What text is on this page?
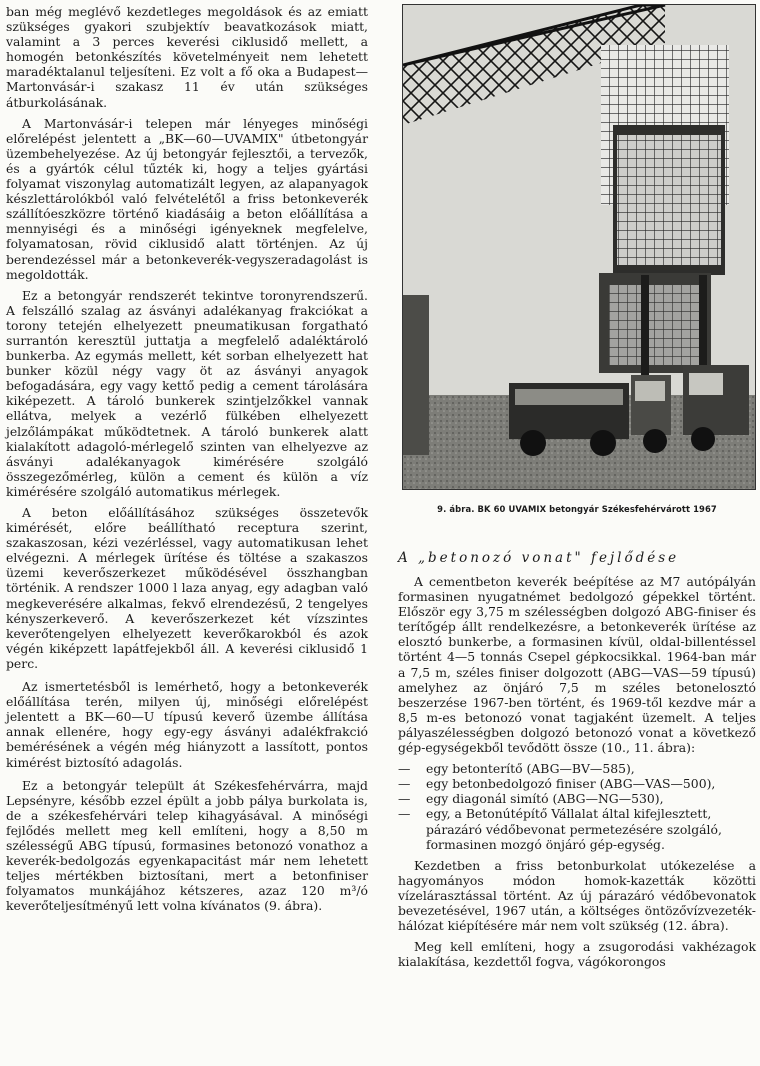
ban még meglévő kezdetleges megoldások és az emiatt szükséges gyakori szubjektív beavatkozások miatt, valamint a 3 perces keverési ciklusidő mellett, a homogén betonkészítés követelményeit nem lehetett maradéktalanul teljesíteni. Ez volt a fő oka a Budapest—Martonvásár-i szakasz 11 év után szükséges átburkolásának.

A Martonvásár-i telepen már lényeges minőségi előrelépést jelentett a „BK—60—UVAMIX" útbetongyár üzembehelyezése. Az új betongyár fejlesztői, a tervezők, és a gyártók célul tűzték ki, hogy a teljes gyártási folyamat viszonylag automatizált legyen, az alapanyagok készlettárolókból való felvételétől a friss betonkeverék szállítóeszközre történő kiadásáig a beton előállítása a mennyiségi és a minőségi igényeknek megfelelve, folyamatosan, rövid ciklusidő alatt történjen. Az új berendezéssel már a betonkeverék-vegyszeradagolást is megoldották.

Ez a betongyár rendszerét tekintve toronyrendszerű. A felszálló szalag az ásványi adalékanyag frakciókat a torony tetején elhelyezett pneumatikusan forgatható surrantón keresztül juttatja a megfelelő adaléktároló bunkerba. Az egymás mellett, két sorban elhelyezett hat bunker közül négy vagy öt az ásványi anyagok befogadására, egy vagy kettő pedig a cement tárolására kiképezett. A tároló bunkerek szintjelzőkkel vannak ellátva, melyek a vezérlő fülkében elhelyezett jelzőlámpákat működtetnek. A tároló bunkerek alatt kialakított adagoló-mérlegelő szinten van elhelyezve az ásványi adalékanyagok kimérésére szolgáló összegezőmérleg, külön a cement és külön a víz kimérésére szolgáló automatikus mérlegek.

A beton előállításához szükséges összetevők kimérését, előre beállítható receptura szerint, szakaszosan, kézi vezérléssel, vagy automatikusan lehet elvégezni. A mérlegek ürítése és töltése a szakaszos üzemi keverőszerkezet működésével összhangban történik. A rendszer 1000 l laza anyag, egy adagban való megkeverésére alkalmas, fekvő elrendezésű, 2 tengelyes kényszerkeverő. A keverőszerkezet két vízszintes keverőtengelyen elhelyezett keverőkarokból és azok végén kiképzett lapátfejekből áll. A keverési ciklusidő 1 perc.

Az ismertetésből is lemérhető, hogy a betonkeverék előállítása terén, milyen új, minőségi előrelépést jelentett a BK—60—U típusú keverő üzembe állítása annak ellenére, hogy egy-egy ásványi adalékfrakció bemérésének a végén még hiányzott a lassított, pontos kimérést biztosító adagolás.

Ez a betongyár települt át Székesfehérvárra, majd Lepsényre, később ezzel épült a jobb pálya burkolata is, de a székesfehérvári telep kihagyásával. A minőségi fejlődés mellett meg kell említeni, hogy a 8,50 m szélességű ABG típusú, formasines betonozó vonathoz a keverék-bedolgozás egyenkapacitást már nem lehetett teljes mértékben biztosítani, mert a betonfiniser folyamatos munkájához kétszeres, azaz 120 m³/ó keverőteljesítményű lett volna kívánatos (9. ábra).

9. ábra. BK 60 UVAMIX betongyár Székesfehérvárott 1967
A „betonozó vonat" fejlődése

A cementbeton keverék beépítése az M7 autópályán formasinen nyugatnémet bedolgozó gépekkel történt. Először egy 3,75 m szélességben dolgozó ABG-finiser és terítőgép állt rendelkezésre, a betonkeverék ürítése az elosztó bunkerbe, a formasinen kívül, oldal-billentéssel történt 4—5 tonnás Csepel gépkocsikkal. 1964-ban már a 7,5 m, széles finiser dolgozott (ABG—VAS—59 típusú) amelyhez az önjáró 7,5 m széles betonelosztó beszerzése 1967-ben történt, és 1969-től kezdve már a 8,5 m-es betonozó vonat tagjaként üzemelt. A teljes pályaszélességben dolgozó betonozó vonat a következő gép-egységekből tevődött össze (10., 11. ábra):

— egy betonterítő (ABG—BV—585),
— egy betonbedolgozó finiser (ABG—VAS—500),
— egy diagonál simító (ABG—NG—530),
— egy, a Betonútépítő Vállalat által kifejlesztett, párazáró védőbevonat permetezésére szolgáló, formasinen mozgó önjáró gép-egység.

Kezdetben a friss betonburkolat utókezelése a hagyományos módon homok-kazetták közötti vízelárasztással történt. Az új párazáró védőbevonatok bevezetésével, 1967 után, a költséges öntözővízvezeték-hálózat kiépítésére már nem volt szükség (12. ábra).

Meg kell említeni, hogy a zsugorodási vakhézagok kialakítása, kezdettől fogva, vágókorongos
